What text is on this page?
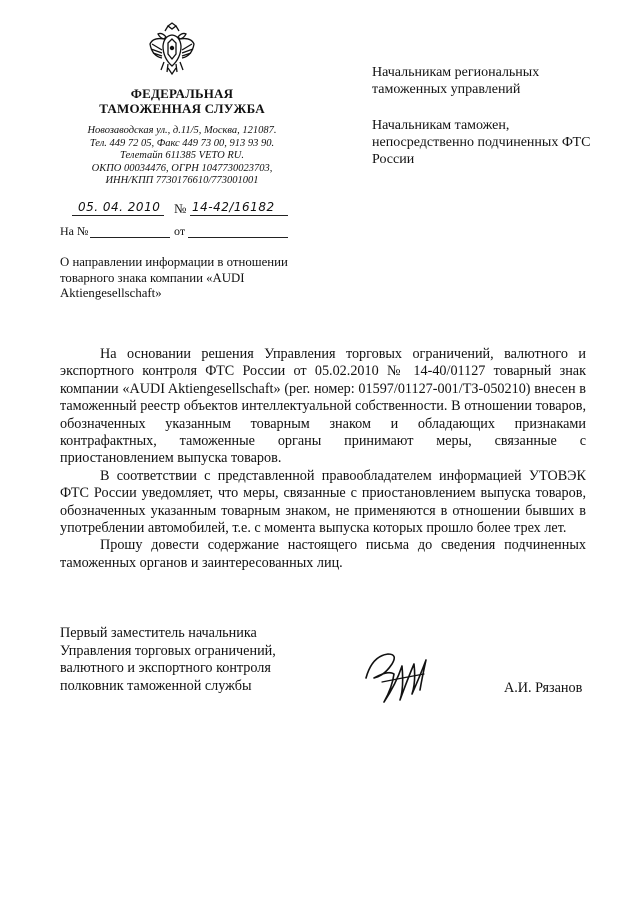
ФЕДЕРАЛЬНАЯ
ТАМОЖЕННАЯ СЛУЖБА
Новозаводская ул., д.11/5, Москва, 121087.
Тел. 449 72 05, Факс 449 73 00, 913 93 90.
Телетайп 611385 VETO RU.
ОКПО 00034476, ОГРН 1047730023703,
ИНН/КПП 7730176610/773001001
05. 04. 2010 № 14-42/16182
На №	от

Начальникам региональных таможенных управлений

Начальникам таможен, непосредственно подчиненных ФТС России

О направлении информации в отношении товарного знака компании «AUDI Aktiengesellschaft»

На основании решения Управления торговых ограничений, валютного и экспортного контроля ФТС России от 05.02.2010 № 14-40/01127 товарный знак компании «AUDI Aktiengesellschaft» (рег. номер: 01597/01127-001/ТЗ-050210) внесен в таможенный реестр объектов интеллектуальной собственности. В отношении товаров, обозначенных указанным товарным знаком и обладающих признаками контрафактных, таможенные органы принимают меры, связанные с приостановлением выпуска товаров.

В соответствии с представленной правообладателем информацией УТОВЭК ФТС России уведомляет, что меры, связанные с приостановлением выпуска товаров, обозначенных указанным товарным знаком, не применяются в отношении бывших в употреблении автомобилей, т.е. с момента выпуска которых прошло более трех лет.

Прошу довести содержание настоящего письма до сведения подчиненных таможенных органов и заинтересованных лиц.

Первый заместитель начальника
Управления торговых ограничений,
валютного и экспортного контроля
полковник таможенной службы	А.И. Рязанов
